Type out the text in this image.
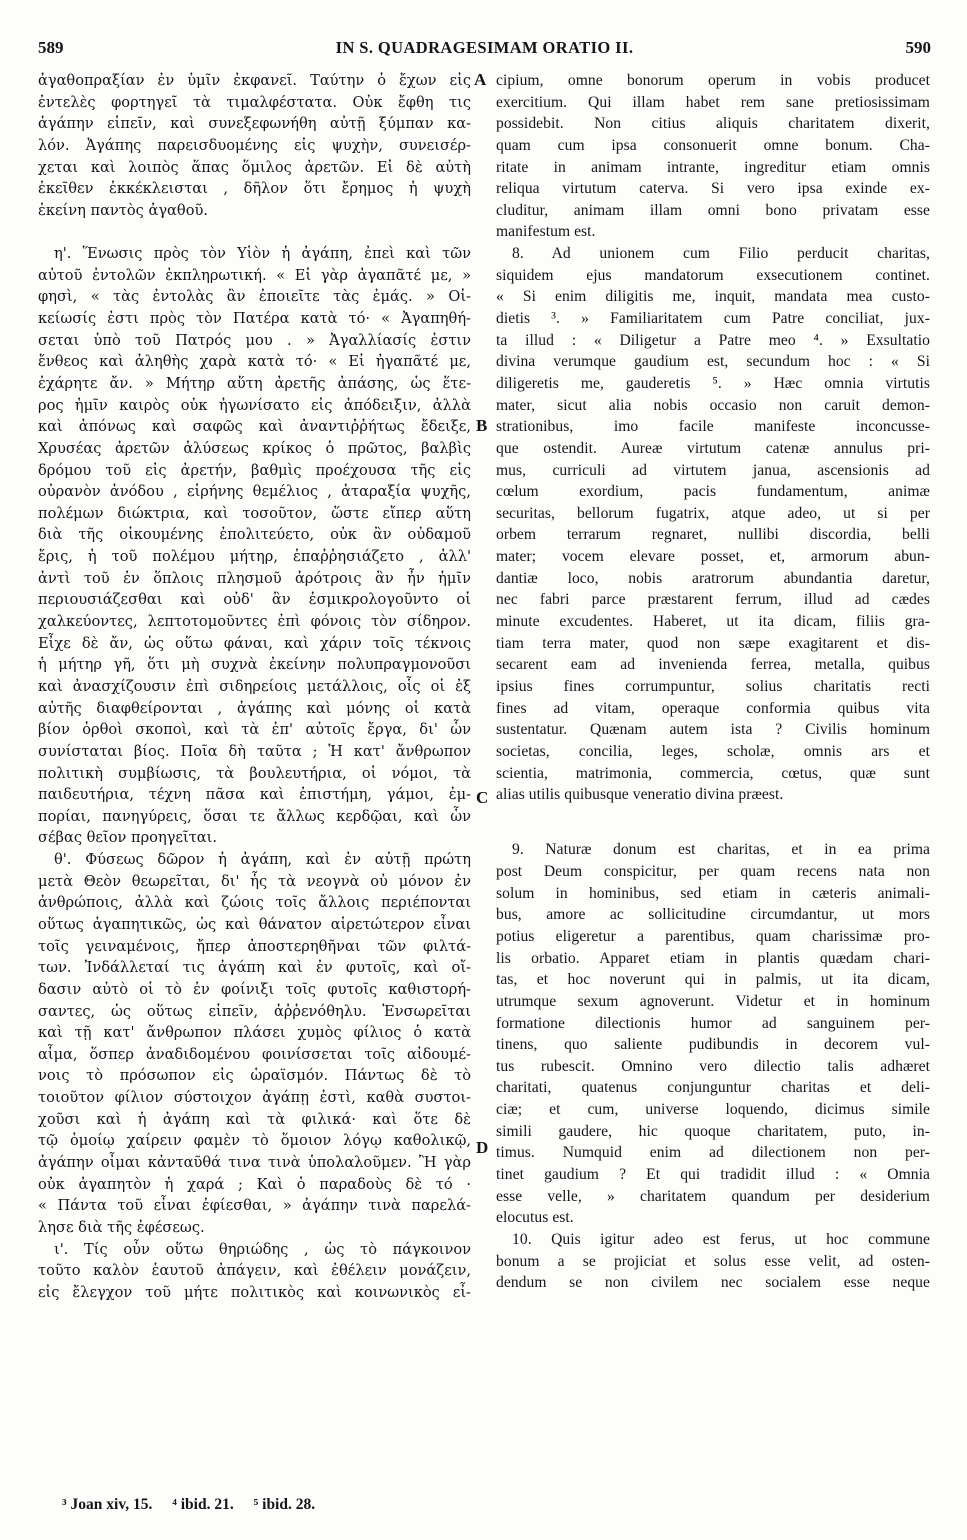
589	IN S. QUADRAGESIMAM ORATIO II.	590
ἀγαθοπραξίαν ἐν ὑμῖν ἐκφανεῖ. Ταύτην ὁ ἔχων εἰς
ἐντελὲς φορτηγεῖ τὰ τιμαλφέστατα. Οὐκ ἔφθη τις
ἀγάπην εἰπεῖν, καὶ συνεξεφωνήθη αὐτῇ ξύμπαν κα-
λόν. Ἀγάπης παρεισδυομένης εἰς ψυχὴν, συνεισέρ-
χεται καὶ λοιπὸς ἅπας ὅμιλος ἀρετῶν. Εἰ δὲ αὐτὴ
ἐκεῖθεν ἐκκέκλεισται , δῆλον ὅτι ἔρημος ἡ ψυχὴ
ἐκείνη παντὸς ἀγαθοῦ.
η'. Ἕνωσις πρὸς τὸν Υἱὸν ἡ ἀγάπη, ἐπεὶ καὶ τῶν
αὐτοῦ ἐντολῶν ἐκπληρωτική. « Εἰ γὰρ ἀγαπᾶτέ με, »
φησὶ, « τὰς ἐντολὰς ἂν ἐποιεῖτε τὰς ἐμάς. » Οἰ-
κείωσίς ἐστι πρὸς τὸν Πατέρα κατὰ τό· « Ἀγαπηθή-
σεται ὑπὸ τοῦ Πατρός μου . » Ἀγαλλίασίς ἐστιν
ἔνθεος καὶ ἀληθὴς χαρὰ κατὰ τό· « Εἰ ἠγαπᾶτέ με,
ἐχάρητε ἄν. » Μήτηρ αὕτη ἀρετῆς ἁπάσης, ὡς ἕτε-
ρος ἡμῖν καιρὸς οὐκ ἠγωνίσατο εἰς ἀπόδειξιν, ἀλλὰ
καὶ ἀπόνως καὶ σαφῶς καὶ ἀναντιῤῥήτως ἔδειξε,
Χρυσέας ἀρετῶν ἁλύσεως κρίκος ὁ πρῶτος, βαλβὶς
δρόμου τοῦ εἰς ἀρετήν, βαθμὶς προέχουσα τῆς εἰς
οὐρανὸν ἀνόδου , εἰρήνης θεμέλιος , ἀταραξία ψυχῆς,
πολέμων διώκτρια, καὶ τοσοῦτον, ὥστε εἴπερ αὕτη
διὰ τῆς οἰκουμένης ἐπολιτεύετο, οὐκ ἂν οὐδαμοῦ
ἔρις, ἡ τοῦ πολέμου μήτηρ, ἐπαῤῥησιάζετο , ἀλλ'
ἀντὶ τοῦ ἐν ὅπλοις πλησμοῦ ἀρότροις ἂν ἦν ἡμῖν
περιουσιάζεσθαι καὶ οὐδ' ἂν ἐσμικρολογοῦντο οἱ
χαλκεύοντες, λεπτοτομοῦντες ἐπὶ φόνοις τὸν σίδηρον.
Εἶχε δὲ ἄν, ὡς οὕτω φάναι, καὶ χάριν τοῖς τέκνοις
ἡ μήτηρ γῆ, ὅτι μὴ συχνὰ ἐκείνην πολυπραγμονοῦσι
καὶ ἀνασχίζουσιν ἐπὶ σιδηρείοις μετάλλοις, οἷς οἱ ἐξ
αὐτῆς διαφθείρονται , ἀγάπης καὶ μόνης οἱ κατὰ
βίον ὀρθοὶ σκοποὶ, καὶ τὰ ἐπ' αὐτοῖς ἔργα, δι' ὧν
συνίσταται βίος. Ποῖα δὴ ταῦτα ; Ἡ κατ' ἄνθρωπον
πολιτικὴ συμβίωσις, τὰ βουλευτήρια, οἱ νόμοι, τὰ
παιδευτήρια, τέχνη πᾶσα καὶ ἐπιστήμη, γάμοι, ἐμ-
πορίαι, πανηγύρεις, ὅσαι τε ἄλλως κερδῷαι, καὶ ὧν
σέβας θεῖον προηγεῖται.
θ'. Φύσεως δῶρον ἡ ἀγάπη, καὶ ἐν αὐτῇ πρώτη
μετὰ Θεὸν θεωρεῖται, δι' ἧς τὰ νεογνὰ οὐ μόνον ἐν
ἀνθρώποις, ἀλλὰ καὶ ζώοις τοῖς ἄλλοις περιέπονται
οὕτως ἀγαπητικῶς, ὡς καὶ θάνατον αἱρετώτερον εἶναι
τοῖς γειναμένοις, ἤπερ ἀποστερηθῆναι τῶν φιλτά-
των. Ἰνδάλλεταί τις ἀγάπη καὶ ἐν φυτοῖς, καὶ οἴ-
δασιν αὐτὸ οἱ τὸ ἐν φοίνιξι τοῖς φυτοῖς καθιστορή-
σαντες, ὡς οὕτως εἰπεῖν, ἀῤῥενόθηλυ. Ἐνσωρεῖται
καὶ τῇ κατ' ἄνθρωπον πλάσει χυμὸς φίλιος ὁ κατὰ
αἷμα, ὅσπερ ἀναδιδομένου φοινίσσεται τοῖς αἰδουμέ-
νοις τὸ πρόσωπον εἰς ὡραϊσμόν. Πάντως δὲ τὸ
τοιοῦτον φίλιον σύστοιχον ἀγάπῃ ἐστὶ, καθὰ συστοι-
χοῦσι καὶ ἡ ἀγάπη καὶ τὰ φιλικά· καὶ ὅτε δὲ
τῷ ὁμοίῳ χαίρειν φαμὲν τὸ ὅμοιον λόγῳ καθολικῷ,
ἀγάπην οἶμαι κἀνταῦθά τινα τινὰ ὑπολαλοῦμεν. Ἢ γὰρ
οὐκ ἀγαπητὸν ἡ χαρά ; Καὶ ὁ παραδοὺς δὲ τό ·
« Πάντα τοῦ εἶναι ἐφίεσθαι, » ἀγάπην τινὰ παρελά-
λησε διὰ τῆς ἐφέσεως.
ι'. Τίς οὖν οὕτω θηριώδης , ὡς τὸ πάγκοινον
τοῦτο καλὸν ἑαυτοῦ ἀπάγειν, καὶ ἐθέλειν μονάζειν,
εἰς ἔλεγχον τοῦ μήτε πολιτικὸς καὶ κοινωνικὸς εἶ-
cipium, omne bonorum operum in vobis producet
exercitium. Qui illam habet rem sane pretiosissimam
possidebit. Non citius aliquis charitatem dixerit,
quam cum ipsa consonuerit omne bonum. Cha-
ritate in animam intrante, ingreditur etiam omnis
reliqua virtutum caterva. Si vero ipsa exinde ex-
cluditur, animam illam omni bono privatam esse
manifestum est.
8. Ad unionem cum Filio perducit charitas,
siquidem ejus mandatorum exsecutionem continet.
« Si enim diligitis me, inquit, mandata mea custo-
dietis ³. » Familiaritatem cum Patre conciliat, jux-
ta illud : « Diligetur a Patre meo ⁴. » Exsultatio
divina verumque gaudium est, secundum hoc : « Si
diligeretis me, gauderetis ⁵. » Hæc omnia virtutis
mater, sicut alia nobis occasio non caruit demon-
strationibus, imo facile manifeste inconcusse-
que ostendit. Aureæ virtutum catenæ annulus pri-
mus, curriculi ad virtutem janua, ascensionis ad
cœlum exordium, pacis fundamentum, animæ
securitas, bellorum fugatrix, atque adeo, ut si per
orbem terrarum regnaret, nullibi discordia, belli
mater; vocem elevare posset, et, armorum abun-
dantiæ loco, nobis aratrorum abundantia daretur,
nec fabri parce præstarent ferrum, illud ad cædes
minute excudentes. Haberet, ut ita dicam, filiis gra-
tiam terra mater, quod non sæpe exagitarent et dis-
secarent eam ad invenienda ferrea, metalla, quibus
ipsius fines corrumpuntur, solius charitatis recti
fines ad vitam, operaque conformia quibus vita
sustentatur. Quænam autem ista ? Civilis hominum
societas, concilia, leges, scholæ, omnis ars et
scientia, matrimonia, commercia, cœtus, quæ sunt
alias utilis quibusque veneratio divina præest.
9. Naturæ donum est charitas, et in ea prima
post Deum conspicitur, per quam recens nata non
solum in hominibus, sed etiam in cæteris animali-
bus, amore ac sollicitudine circumdantur, ut mors
potius eligeretur a parentibus, quam charissimæ pro-
lis orbatio. Apparet etiam in plantis quædam chari-
tas, et hoc noverunt qui in palmis, ut ita dicam,
utrumque sexum agnoverunt. Videtur et in hominum
formatione dilectionis humor ad sanguinem per-
tinens, quo saliente pudibundis in decorem vul-
tus rubescit. Omnino vero dilectio talis adhæret
charitati, quatenus conjunguntur charitas et deli-
ciæ; et cum, universe loquendo, dicimus simile
simili gaudere, hic quoque charitatem, puto, in-
timus. Numquid enim ad dilectionem non per-
tinet gaudium ? Et qui tradidit illud : « Omnia
esse velle, » charitatem quandum per desiderium
elocutus est.
10. Quis igitur adeo est ferus, ut hoc commune
bonum a se projiciat et solus esse velit, ad osten-
dendum se non civilem nec socialem esse neque
A
B
C
D
³ Joan xiv, 15. ⁴ ibid. 21. ⁵ ibid. 28.
